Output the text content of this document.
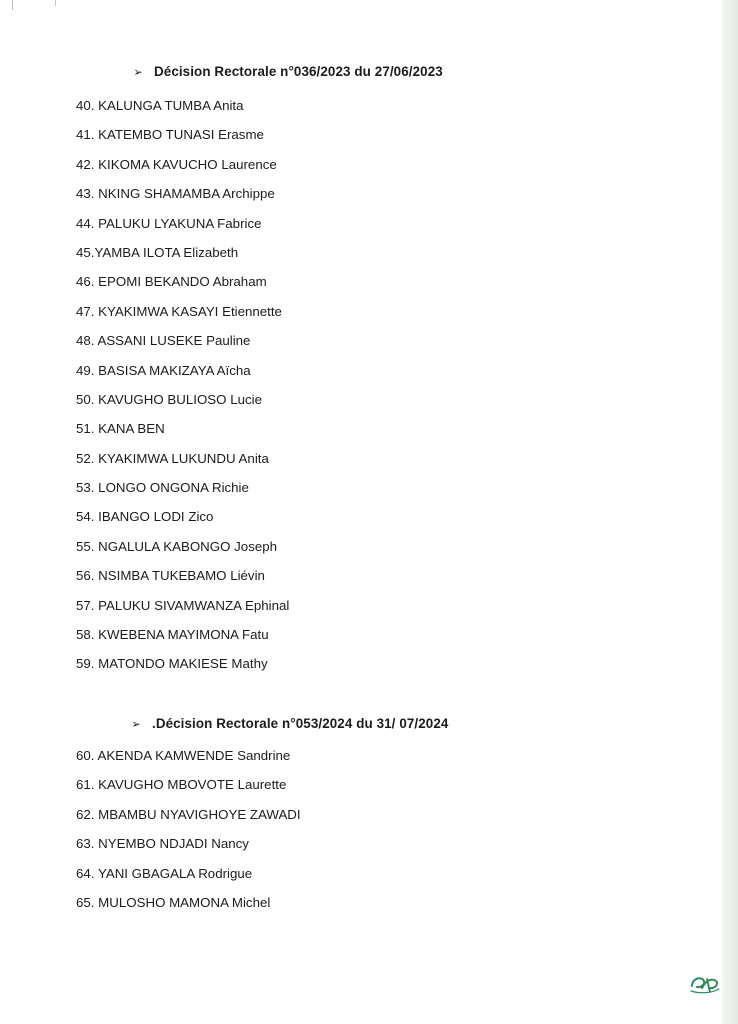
➢ Décision Rectorale n°036/2023 du 27/06/2023
40. KALUNGA TUMBA Anita
41. KATEMBO TUNASI Erasme
42. KIKOMA KAVUCHO Laurence
43. NKING SHAMAMBA Archippe
44. PALUKU LYAKUNA Fabrice
45.YAMBA ILOTA Elizabeth
46. EPOMI BEKANDO Abraham
47. KYAKIMWA KASAYI Etiennette
48. ASSANI LUSEKE Pauline
49. BASISA MAKIZAYA Aïcha
50. KAVUGHO BULIOSO Lucie
51. KANA BEN
52. KYAKIMWA LUKUNDU Anita
53. LONGO ONGONA Richie
54. IBANGO LODI Zico
55. NGALULA KABONGO Joseph
56. NSIMBA TUKEBAMO Liévin
57. PALUKU SIVAMWANZA Ephinal
58. KWEBENA MAYIMONA Fatu
59. MATONDO MAKIESE Mathy
➢ .Décision Rectorale n°053/2024 du 31/ 07/2024
60. AKENDA KAMWENDE Sandrine
61. KAVUGHO MBOVOTE Laurette
62. MBAMBU NYAVIGHOYE ZAWADI
63. NYEMBO NDJADI Nancy
64. YANI GBAGALA Rodrigue
65. MULOSHO MAMONA Michel
